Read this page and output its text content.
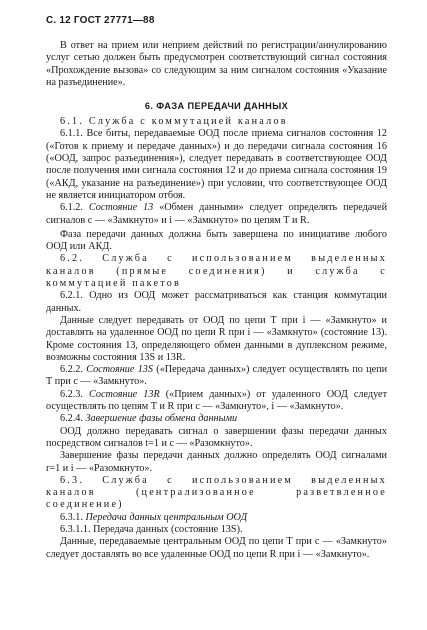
С. 12 ГОСТ 27771—88

В ответ на прием или неприем действий по регистрации/аннулированию услуг сетью должен быть предусмотрен соответствующий сигнал состояния «Прохождение вызова» со следующим за ним сигналом состояния «Указание на разъединение».

6. ФАЗА ПЕРЕДАЧИ ДАННЫХ

6.1. Служба с коммутацией каналов

6.1.1. Все биты, передаваемые ООД после приема сигналов состояния 12 («Готов к приему и передаче данных») и до передачи сигнала состояния 16 («ООД, запрос разъединения»), следует передавать в соответствующее ООД после получения ими сигнала состояния 12 и до приема сигнала состояния 19 («АКД, указание на разъединение») при условии, что соответствующее ООД не является инициатором отбоя.

6.1.2. Состояние 13 «Обмен данными» следует определять передачей сигналов с — «Замкнуто» и i — «Замкнуто» по цепям Т и R.

Фаза передачи данных должна быть завершена по инициативе любого ООД или АКД.

6.2. Служба с использованием выделенных каналов (прямые соединения) и служба с коммутацией пакетов

6.2.1. Одно из ООД может рассматриваться как станция коммутации данных.

Данные следует передавать от ООД по цепи Т при i — «Замкнуто» и доставлять на удаленное ООД по цепи R при i — «Замкнуто» (состояние 13). Кроме состояния 13, определяющего обмен данными в дуплексном режиме, возможны состояния 13S и 13R.

6.2.2. Состояние 13S («Передача данных») следует осуществлять по цепи Т при с — «Замкнуто».

6.2.3. Состояние 13R («Прием данных») от удаленного ООД следует осуществлять по цепям Т и R при с — «Замкнуто», i — «Замкнуто».

6.2.4. Завершение фазы обмена данными

ООД должно передавать сигнал о завершении фазы передачи данных посредством сигналов t=1 и с — «Разомкнуто».

Завершение фазы передачи данных должно определять ООД сигналами r=1 и i — «Разомкнуто».

6.3. Служба с использованием выделенных каналов (централизованное разветвленное соединение)

6.3.1. Передача данных центральным ООД

6.3.1.1. Передача данных (состояние 13S).

Данные, передаваемые центральным ООД по цепи Т при с — «Замкнуто» следует доставлять во все удаленные ООД по цепи R при i — «Замкнуто».
